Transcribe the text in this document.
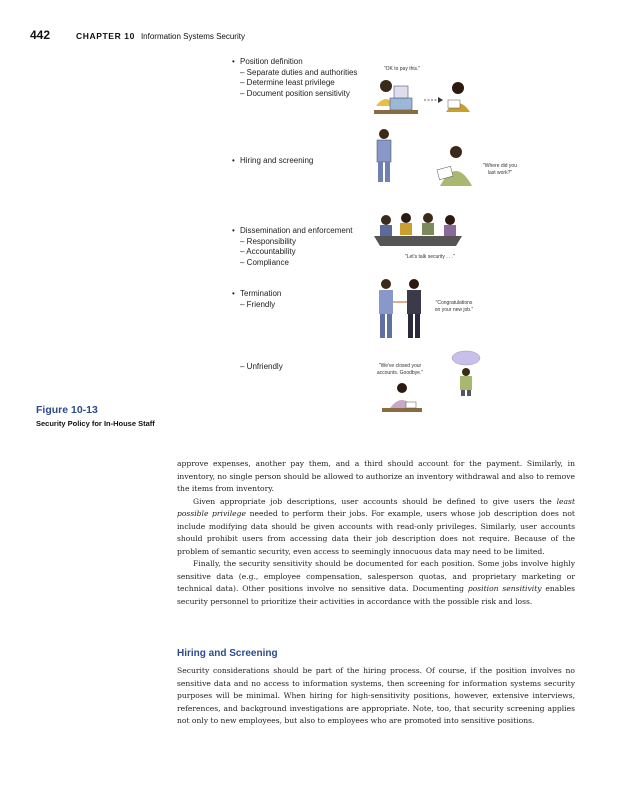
442	CHAPTER 10 Information Systems Security
• Position definition
– Separate duties and authorities
– Determine least privilege
– Document position sensitivity
"OK to pay this."
• Hiring and screening
"Where did you
last work?"
• Dissemination and enforcement
– Responsibility
– Accountability
– Compliance
"Let's talk security . . ."
• Termination
– Friendly	"Congratulations
on your new job."
– Unfriendly	"We've closed your
accounts. Goodbye."
Figure 10-13
Security Policy for In-House Staff

approve expenses, another pay them, and a third should account for the payment. Similarly, in inventory, no single person should be allowed to authorize an inventory withdrawal and also to remove the items from inventory.

Given appropriate job descriptions, user accounts should be defined to give users the least possible privilege needed to perform their jobs. For example, users whose job description does not include modifying data should be given accounts with read-only privileges. Similarly, user accounts should prohibit users from accessing data their job description does not require. Because of the problem of semantic security, even access to seemingly innocuous data may need to be limited.

Finally, the security sensitivity should be documented for each position. Some jobs involve highly sensitive data (e.g., employee compensation, salesperson quotas, and proprietary marketing or technical data). Other positions involve no sensitive data. Documenting position sensitivity enables security personnel to prioritize their activities in accordance with the possible risk and loss.

Hiring and Screening

Security considerations should be part of the hiring process. Of course, if the position involves no sensitive data and no access to information systems, then screening for information systems security purposes will be minimal. When hiring for high-sensitivity positions, however, extensive interviews, references, and background investigations are appropriate. Note, too, that security screening applies not only to new employees, but also to employees who are promoted into sensitive positions.
